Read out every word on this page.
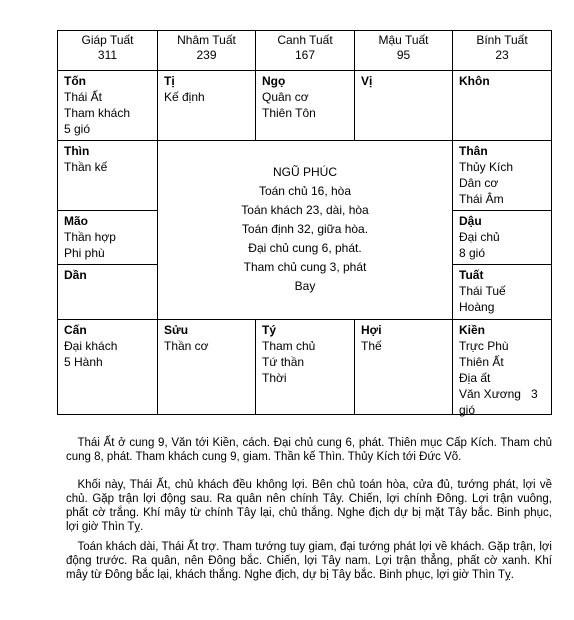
Giáp Tuất
311
Nhâm Tuất
239
Canh Tuất
167
Mậu Tuất
95
Bính Tuất
23
Tốn
Thái Ất
Tham khách
5 gió
Tị
Kế định
Ngọ
Quân cơ
Thiên Tôn
Vị	Khôn
Thìn
Thần kế
Mão
Thần hợp
Phi phù
Dần
NGŨ PHÚC
Toán chủ 16, hòa
Toán khách 23, dài, hòa
Toán định 32, giữa hòa.
Đại chủ cung 6, phát.
Tham chủ cung 3, phát
Bay
Thân
Thủy Kích
Dân cơ
Thái Âm
Dậu
Đại chủ
8 gió
Tuất
Thái Tuế
Hoàng
Cấn
Đại khách
5 Hành
Sửu
Thần cơ
Tý
Tham chủ
Tứ thần
Thời
Hợi
Thế
Kiền
Trực Phù
Thiên Ất
Địa ất
Văn Xương   3
gió
Thái Ất ở cung 9, Văn tới Kiền, cách. Đại chủ cung 6, phát. Thiên mục Cấp Kích. Tham chủ cung 8, phát. Tham khách cung 9, giam. Thần kế Thìn. Thủy Kích tới Đức Võ.
Khối này, Thái Ất, chủ khách đều không lợi. Bên chủ toán hòa, cửa đủ, tướng phát, lợi về chủ. Gặp trận lợi động sau. Ra quân nên chính Tây. Chiến, lợi chính Đông. Lợi trận vuông, phất cờ trắng. Khí mây từ chính Tây lại, chủ thắng. Nghe địch dự bị mặt Tây bắc. Binh phục, lợi giờ Thìn Tỵ.
Toán khách dài, Thái Ất trợ. Tham tướng tuy giam, đại tướng phát lợi về khách. Gặp trận, lợi động trước. Ra quân, nên Đông bắc. Chiến, lợi Tây nam. Lợi trận thẳng, phất cờ xanh. Khí mây từ Đông bắc lại, khách thắng. Nghe địch, dự bị Tây bắc. Binh phục, lợi giờ Thìn Tỵ.
